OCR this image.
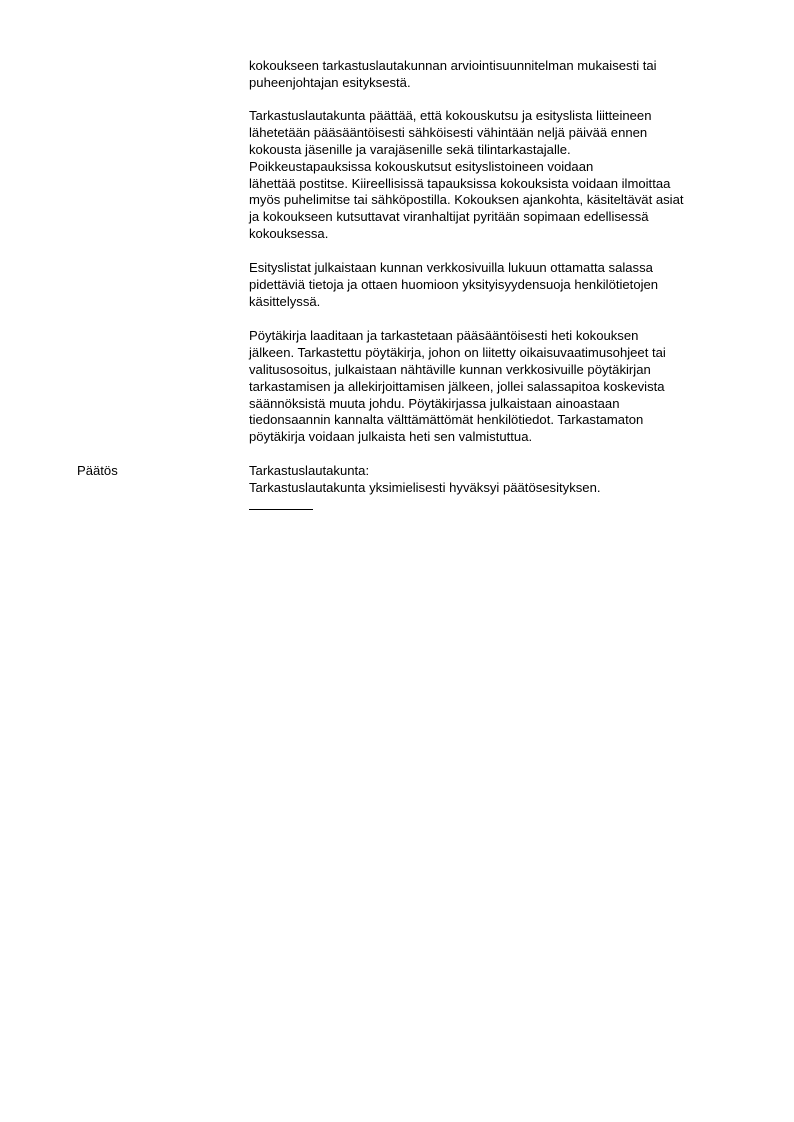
kokoukseen tarkastuslautakunnan arviointisuunnitelman mukaisesti tai
puheenjohtajan esityksestä.
Tarkastuslautakunta päättää, että kokouskutsu ja esityslista liitteineen
lähetetään pääsääntöisesti sähköisesti vähintään neljä päivää ennen
kokousta jäsenille ja varajäsenille sekä tilintarkastajalle.
Poikkeustapauksissa kokouskutsut esityslistoineen voidaan
lähettää postitse. Kiireellisissä tapauksissa kokouksista voidaan ilmoittaa
myös puhelimitse tai sähköpostilla. Kokouksen ajankohta, käsiteltävät asiat
ja kokoukseen kutsuttavat viranhaltijat pyritään sopimaan edellisessä
kokouksessa.
Esityslistat julkaistaan kunnan verkkosivuilla lukuun ottamatta salassa
pidettäviä tietoja ja ottaen huomioon yksityisyydensuoja henkilötietojen
käsittelyssä.
Pöytäkirja laaditaan ja tarkastetaan pääsääntöisesti heti kokouksen
jälkeen. Tarkastettu pöytäkirja, johon on liitetty oikaisuvaatimusohjeet tai
valitusosoitus, julkaistaan nähtäville kunnan verkkosivuille pöytäkirjan
tarkastamisen ja allekirjoittamisen jälkeen, jollei salassapitoa koskevista
säännöksistä muuta johdu. Pöytäkirjassa julkaistaan ainoastaan
tiedonsaannin kannalta välttämättömät henkilötiedot. Tarkastamaton
pöytäkirja voidaan julkaista heti sen valmistuttua.
Päätös	Tarkastuslautakunta:
Tarkastuslautakunta yksimielisesti hyväksyi päätösesityksen.
